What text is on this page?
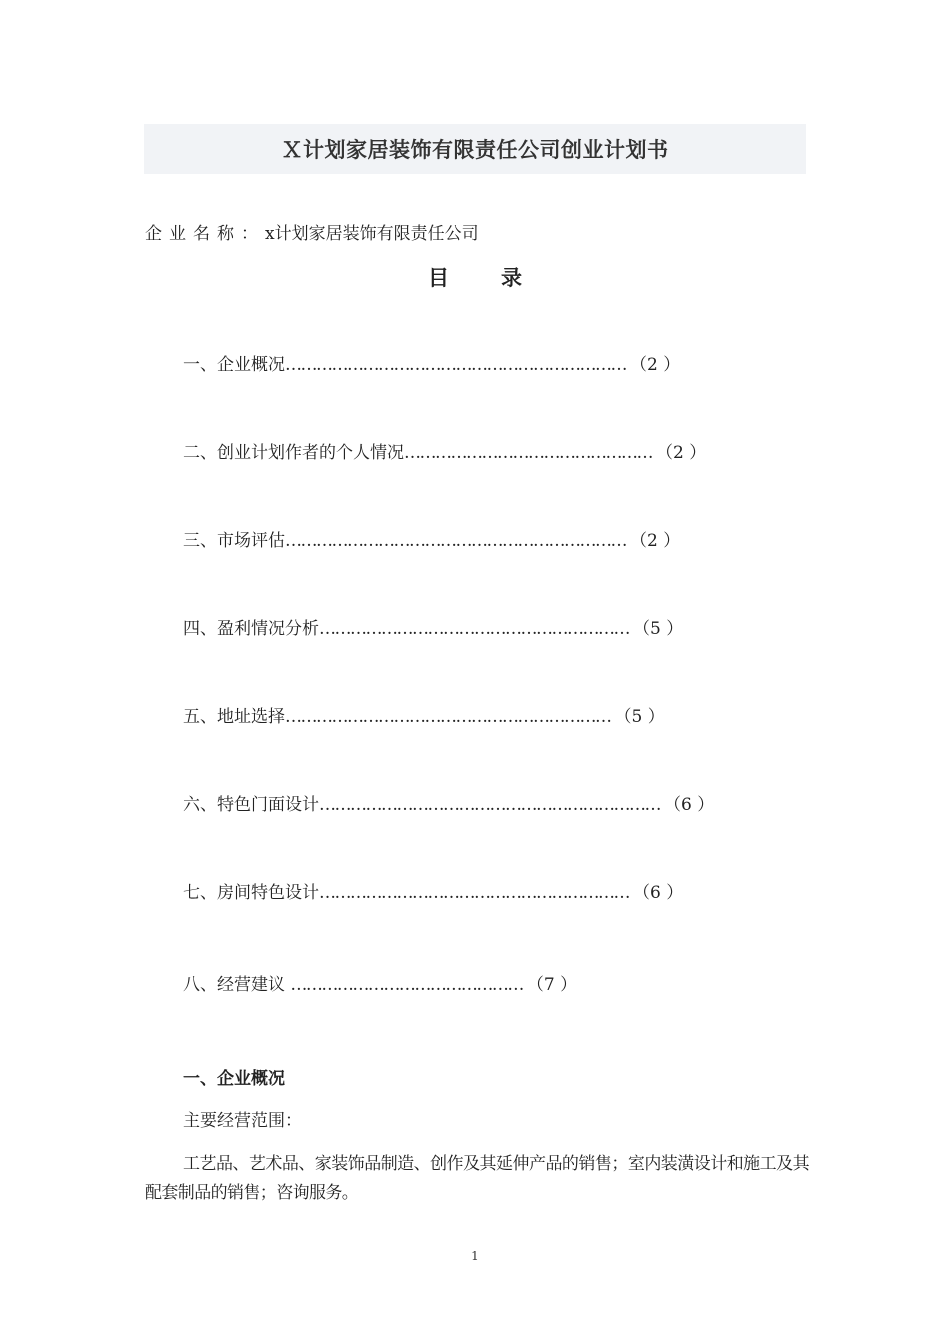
Ｘ计划家居装饰有限责任公司创业计划书
企业名称：x计划家居装饰有限责任公司
目 录
一、企业概况………………………………………………………… （2 ）
二、创业计划作者的个人情况………………………………………… （2 ）
三、市场评估………………………………………………………… （2 ）
四、盈利情况分析…………………………………………………… （5 ）
五、地址选择……………………………………………………… （5 ）
六、特色门面设计………………………………………………………… （6 ）
七、房间特色设计…………………………………………………… （6 ）
八、经营建议 ……………………………………… （7 ）
一、企业概况
主要经营范围：
工艺品、艺术品、家装饰品制造、创作及其延伸产品的销售；室内装潢设计和施工及其配套制品的销售；咨询服务。
1
